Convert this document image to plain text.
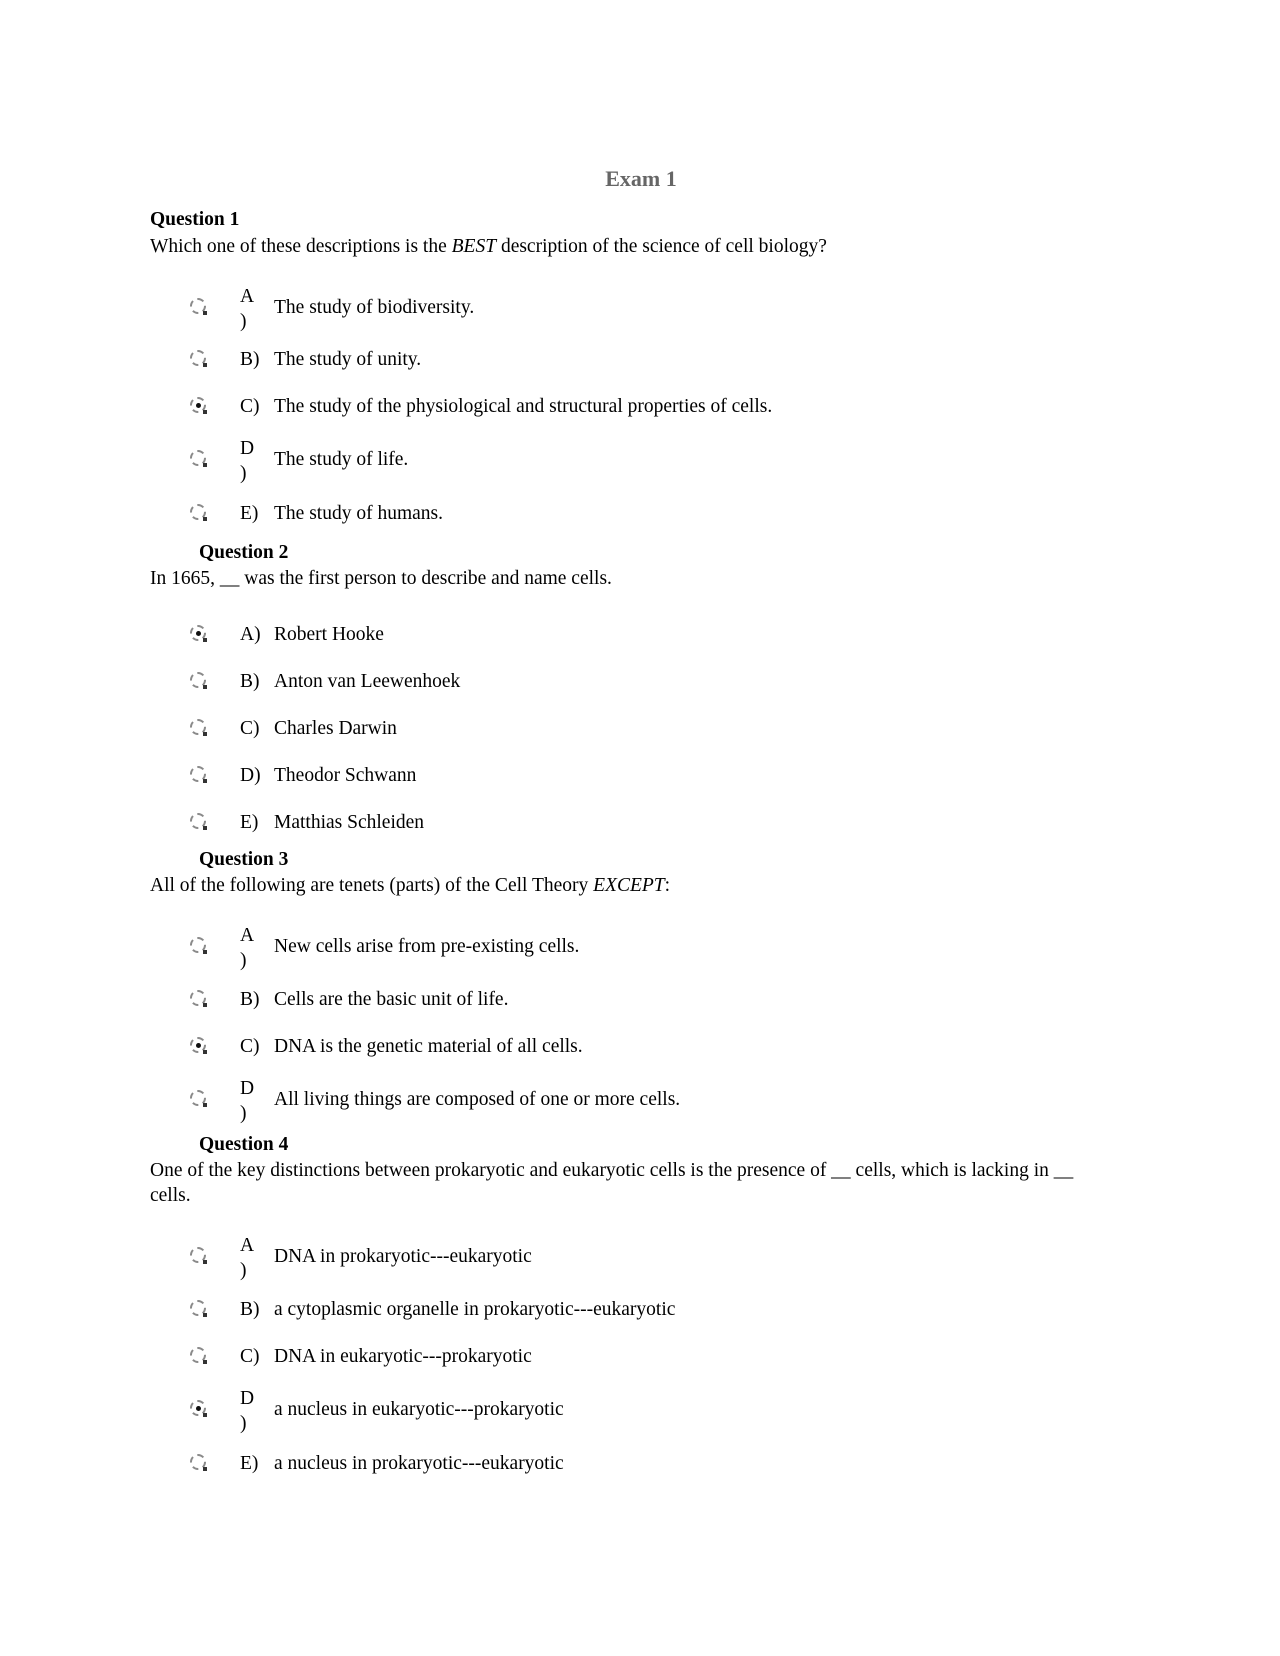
Exam 1
Question 1
Which one of these descriptions is the BEST description of the science of cell biology?
A
)
The study of biodiversity.
B) The study of unity.
C) The study of the physiological and structural properties of cells.
D
)
The study of life.
E) The study of humans.
Question 2
In 1665, __ was the first person to describe and name cells.
A) Robert Hooke
B) Anton van Leewenhoek
C) Charles Darwin
D) Theodor Schwann
E) Matthias Schleiden
Question 3
All of the following are tenets (parts) of the Cell Theory EXCEPT:
A
)
New cells arise from pre-existing cells.
B) Cells are the basic unit of life.
C) DNA is the genetic material of all cells.
D
)
All living things are composed of one or more cells.
Question 4
One of the key distinctions between prokaryotic and eukaryotic cells is the presence of __ cells, which is lacking in __ cells.
A
)
DNA in prokaryotic---eukaryotic
B) a cytoplasmic organelle in prokaryotic---eukaryotic
C) DNA in eukaryotic---prokaryotic
D
)
a nucleus in eukaryotic---prokaryotic
E) a nucleus in prokaryotic---eukaryotic
